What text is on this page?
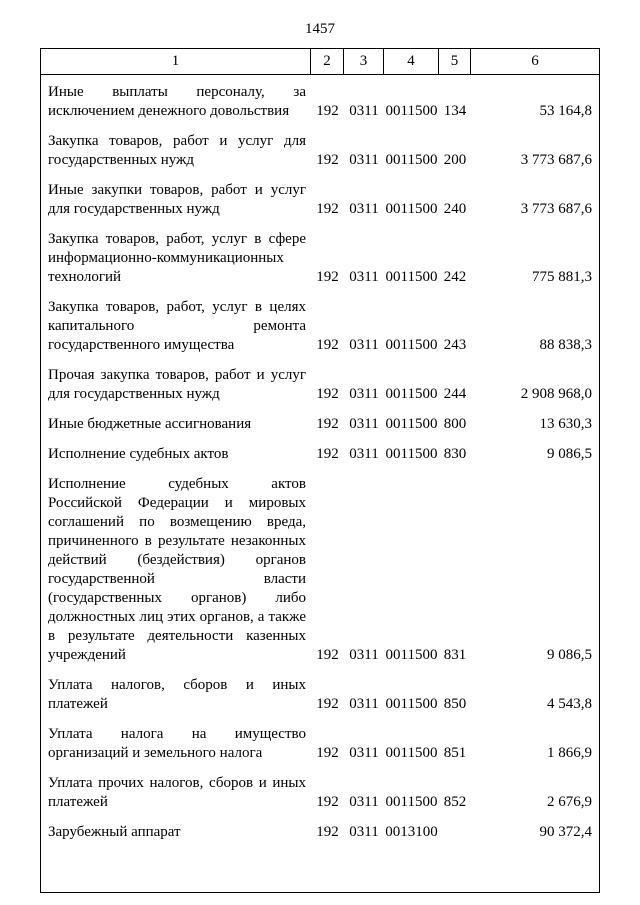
1457
1	2	3	4	5	6
Иные выплаты персоналу, за исключением денежного довольствия	192 0311 0011500 134	53 164,8
Закупка товаров, работ и услуг для государственных нужд	192 0311 0011500 200	3 773 687,6
Иные закупки товаров, работ и услуг для государственных нужд	192 0311 0011500 240	3 773 687,6
Закупка товаров, работ, услуг в сфере информационно-коммуникационных технологий	192 0311 0011500 242	775 881,3
Закупка товаров, работ, услуг в целях капитального ремонта государственного имущества	192 0311 0011500 243	88 838,3
Прочая закупка товаров, работ и услуг для государственных нужд	192 0311 0011500 244	2 908 968,0
Иные бюджетные ассигнования	192 0311 0011500 800	13 630,3
Исполнение судебных актов	192 0311 0011500 830	9 086,5
Исполнение судебных актов Российской Федерации и мировых соглашений по возмещению вреда, причиненного в результате незаконных действий (бездействия) органов государственной власти (государственных органов) либо должностных лиц этих органов, а также в результате деятельности казенных учреждений	192 0311 0011500 831	9 086,5
Уплата налогов, сборов и иных платежей	192 0311 0011500 850	4 543,8
Уплата налога на имущество организаций и земельного налога	192 0311 0011500 851	1 866,9
Уплата прочих налогов, сборов и иных платежей	192 0311 0011500 852	2 676,9
Зарубежный аппарат	192 0311 0013100	90 372,4
